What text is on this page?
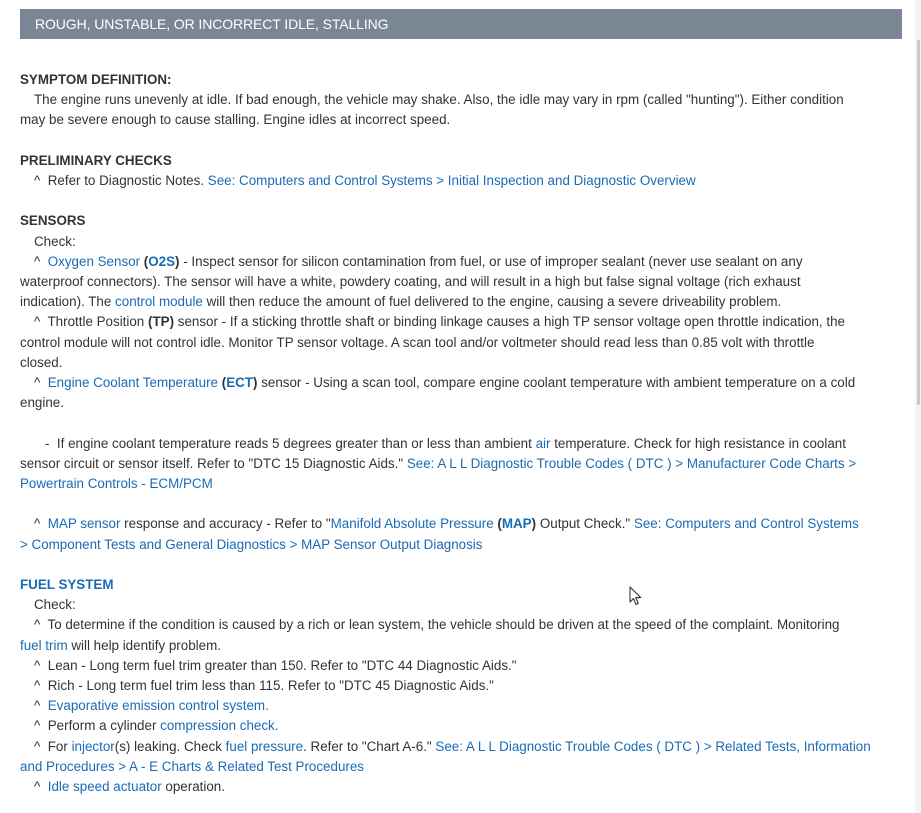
ROUGH, UNSTABLE, OR INCORRECT IDLE, STALLING

SYMPTOM DEFINITION:

The engine runs unevenly at idle. If bad enough, the vehicle may shake. Also, the idle may vary in rpm (called "hunting"). Either condition

may be severe enough to cause stalling. Engine idles at incorrect speed.

PRELIMINARY CHECKS

^ Refer to Diagnostic Notes. See: Computers and Control Systems > Initial Inspection and Diagnostic Overview

SENSORS

Check:

^ Oxygen Sensor (O2S) - Inspect sensor for silicon contamination from fuel, or use of improper sealant (never use sealant on any

waterproof connectors). The sensor will have a white, powdery coating, and will result in a high but false signal voltage (rich exhaust

indication). The control module will then reduce the amount of fuel delivered to the engine, causing a severe driveability problem.

^ Throttle Position (TP) sensor - If a sticking throttle shaft or binding linkage causes a high TP sensor voltage open throttle indication, the

control module will not control idle. Monitor TP sensor voltage. A scan tool and/or voltmeter should read less than 0.85 volt with throttle

closed.

^ Engine Coolant Temperature (ECT) sensor - Using a scan tool, compare engine coolant temperature with ambient temperature on a cold

engine.

- If engine coolant temperature reads 5 degrees greater than or less than ambient air temperature. Check for high resistance in coolant

sensor circuit or sensor itself. Refer to "DTC 15 Diagnostic Aids." See: A L L Diagnostic Trouble Codes ( DTC ) > Manufacturer Code Charts >

Powertrain Controls - ECM/PCM

^ MAP sensor response and accuracy - Refer to "Manifold Absolute Pressure (MAP) Output Check." See: Computers and Control Systems

> Component Tests and General Diagnostics > MAP Sensor Output Diagnosis

FUEL SYSTEM

Check:

^ To determine if the condition is caused by a rich or lean system, the vehicle should be driven at the speed of the complaint. Monitoring

fuel trim will help identify problem.

^ Lean - Long term fuel trim greater than 150. Refer to "DTC 44 Diagnostic Aids."

^ Rich - Long term fuel trim less than 115. Refer to "DTC 45 Diagnostic Aids."

^ Evaporative emission control system.

^ Perform a cylinder compression check.

^ For injector(s) leaking. Check fuel pressure. Refer to "Chart A-6." See: A L L Diagnostic Trouble Codes ( DTC ) > Related Tests, Information

and Procedures > A - E Charts & Related Test Procedures

^ Idle speed actuator operation.
